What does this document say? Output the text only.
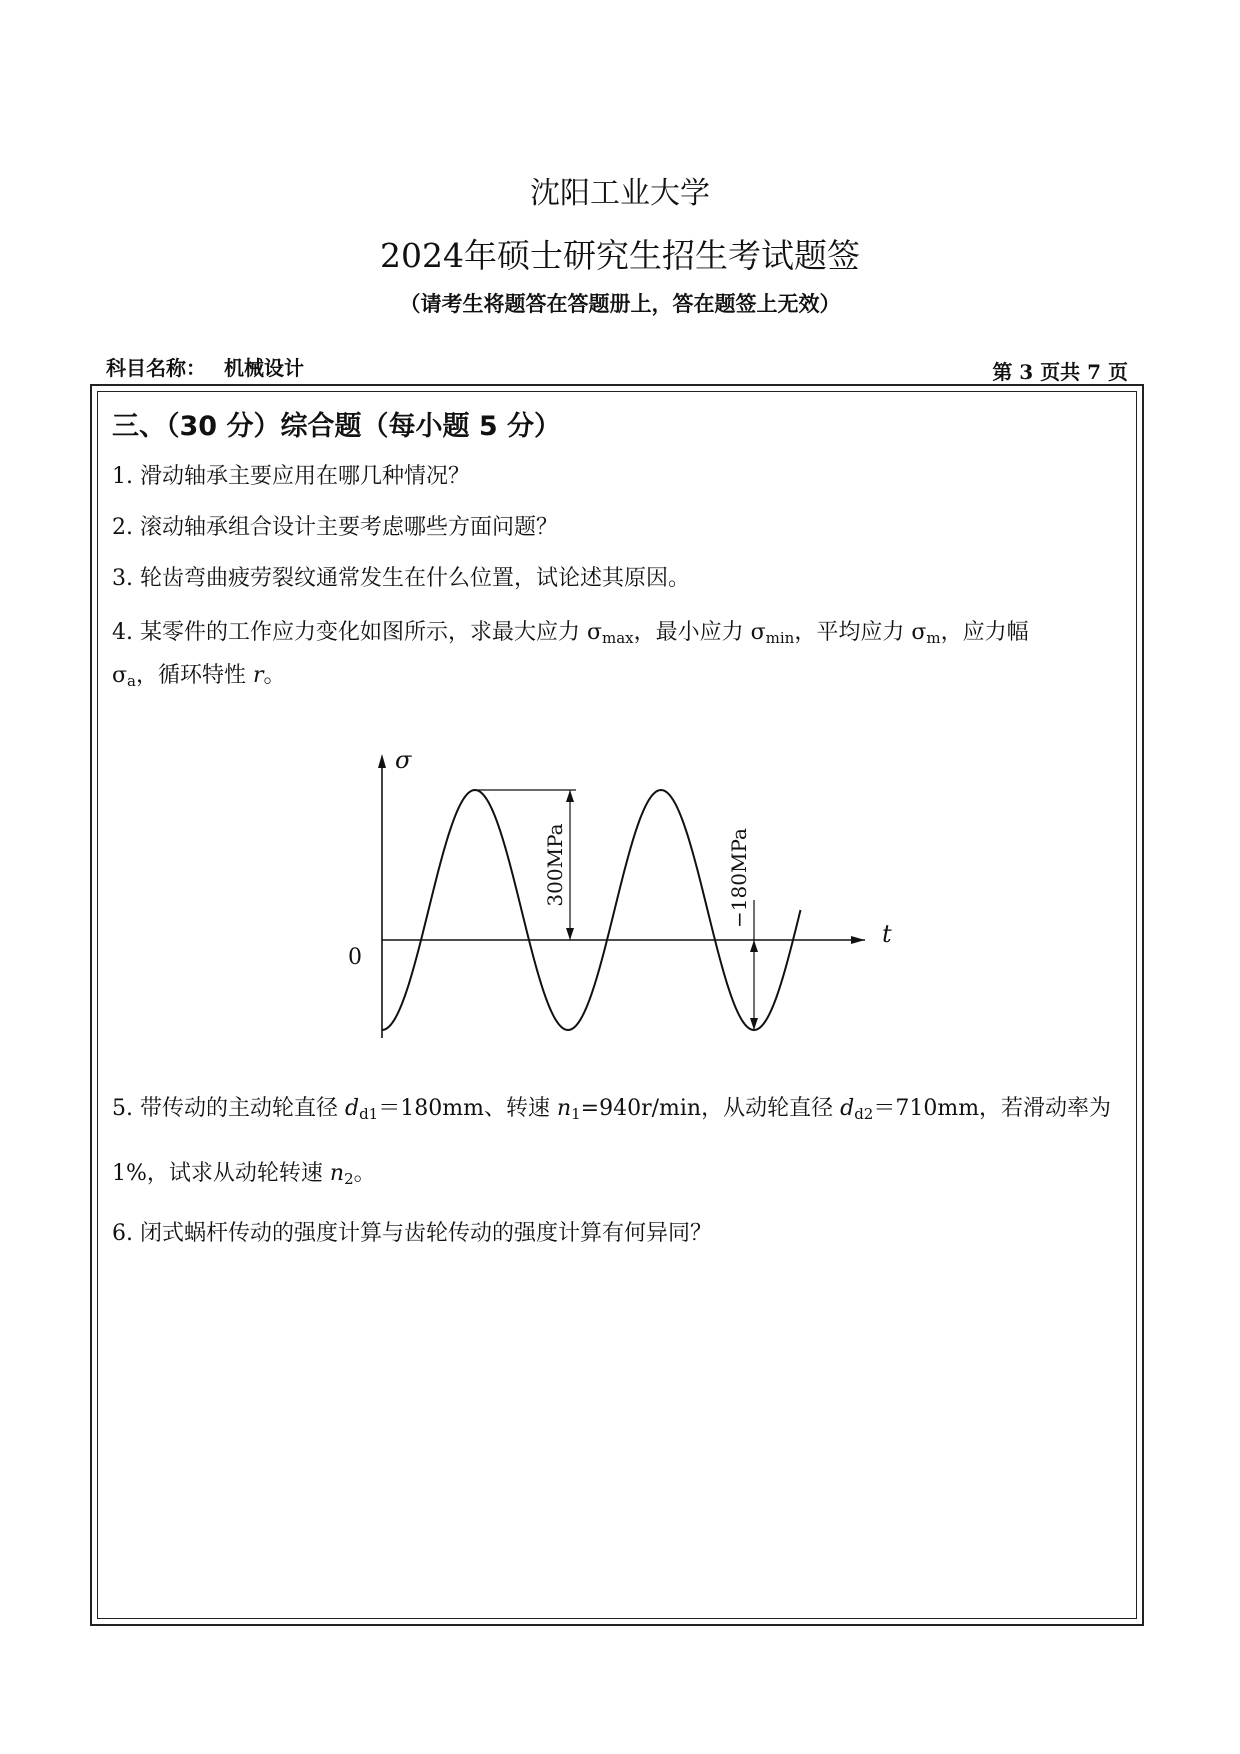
沈阳工业大学
2024年硕士研究生招生考试题签
（请考生将题答在答题册上，答在题签上无效）
科目名称： 机械设计	第 3 页共 7 页
三、（30 分）综合题（每小题 5 分）
1. 滑动轴承主要应用在哪几种情况？
2. 滚动轴承组合设计主要考虑哪些方面问题？
3. 轮齿弯曲疲劳裂纹通常发生在什么位置，试论述其原因。
4. 某零件的工作应力变化如图所示，求最大应力 $\sigma_{max}$，最小应力 $\sigma_{min}$，平均应力 $\sigma_m$，应力幅
$\sigma_a$，循环特性 r。
σ
t
0
300MPa	−180MPa
5. 带传动的主动轮直径 $d_{d1}=180mm$、转速 $n_1=940r/\min$，从动轮直径 $d_{d2}=710mm$，若滑动率为
1%，试求从动轮转速 $n_2$。
6. 闭式蜗杆传动的强度计算与齿轮传动的强度计算有何异同？
